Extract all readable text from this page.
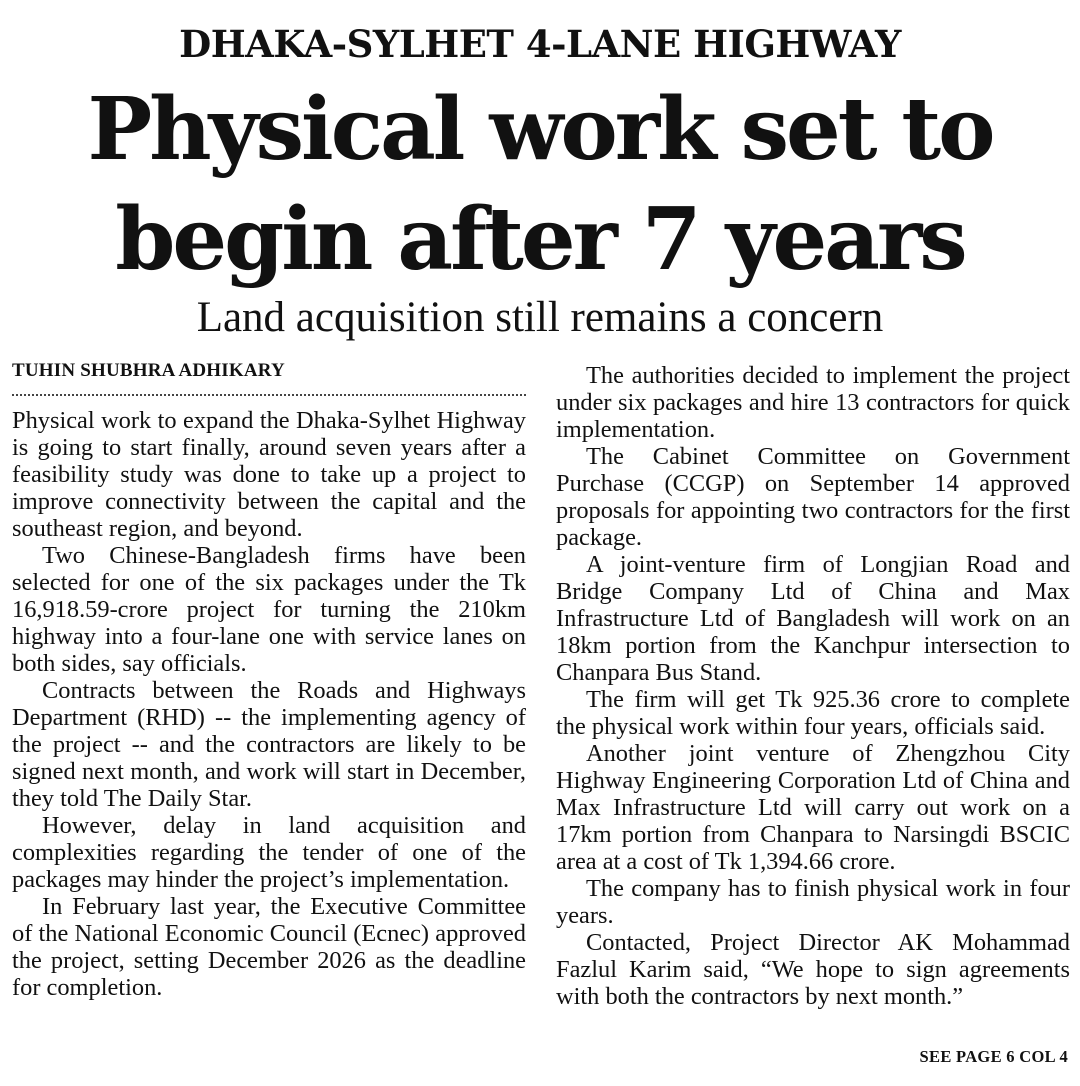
DHAKA-SYLHET 4-LANE HIGHWAY
Physical work set to
begin after 7 years
Land acquisition still remains a concern
TUHIN SHUBHRA ADHIKARY

Physical work to expand the Dhaka-Sylhet Highway is going to start finally, around seven years after a feasibility study was done to take up a project to improve connectivity between the capital and the southeast region, and beyond.

Two Chinese-Bangladesh firms have been selected for one of the six packages under the Tk 16,918.59-crore project for turning the 210km highway into a four-lane one with service lanes on both sides, say officials.

Contracts between the Roads and Highways Department (RHD) -- the implementing agency of the project -- and the contractors are likely to be signed next month, and work will start in December, they told The Daily Star.

However, delay in land acquisition and complexities regarding the tender of one of the packages may hinder the project’s implementation.

In February last year, the Executive Committee of the National Economic Council (Ecnec) approved the project, setting December 2026 as the deadline for completion.

The authorities decided to implement the project under six packages and hire 13 contractors for quick implementation.

The Cabinet Committee on Government Purchase (CCGP) on September 14 approved proposals for appointing two contractors for the first package.

A joint-venture firm of Longjian Road and Bridge Company Ltd of China and Max Infrastructure Ltd of Bangladesh will work on an 18km portion from the Kanchpur intersection to Chanpara Bus Stand.

The firm will get Tk 925.36 crore to complete the physical work within four years, officials said.

Another joint venture of Zhengzhou City Highway Engineering Corporation Ltd of China and Max Infrastructure Ltd will carry out work on a 17km portion from Chanpara to Narsingdi BSCIC area at a cost of Tk 1,394.66 crore.

The company has to finish physical work in four years.

Contacted, Project Director AK Mohammad Fazlul Karim said, “We hope to sign agreements with both the contractors by next month.”

SEE PAGE 6 COL 4
